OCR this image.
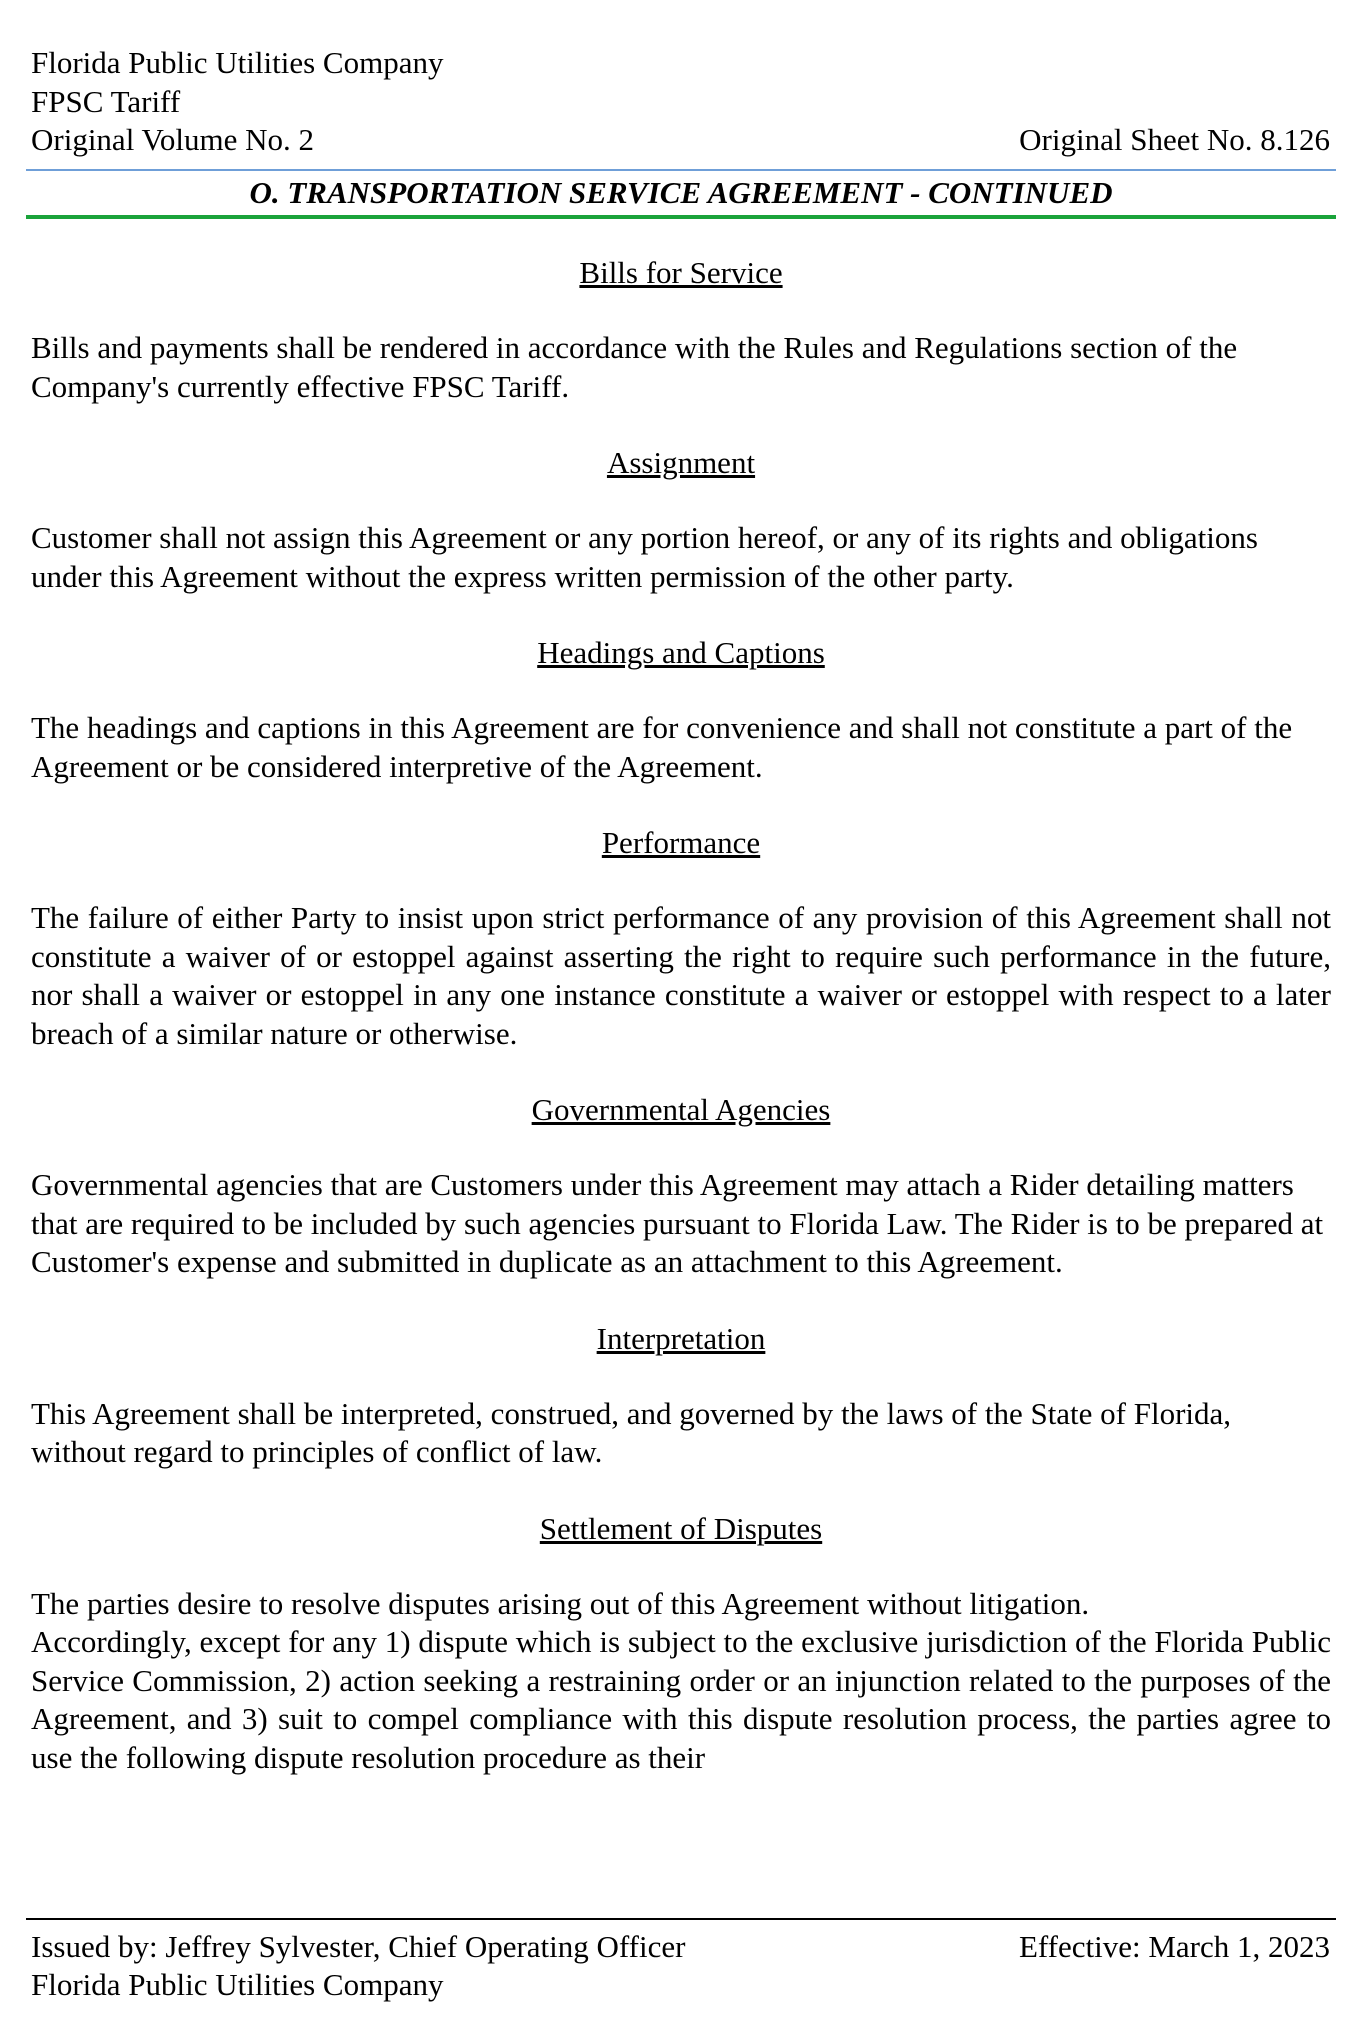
Florida Public Utilities Company
FPSC Tariff
Original Volume No. 2	Original Sheet No. 8.126
O. TRANSPORTATION SERVICE AGREEMENT - CONTINUED

Bills for Service

Bills and payments shall be rendered in accordance with the Rules and Regulations section of the Company's currently effective FPSC Tariff.

Assignment

Customer shall not assign this Agreement or any portion hereof, or any of its rights and obligations under this Agreement without the express written permission of the other party.

Headings and Captions

The headings and captions in this Agreement are for convenience and shall not constitute a part of the Agreement or be considered interpretive of the Agreement.

Performance

The failure of either Party to insist upon strict performance of any provision of this Agreement shall not constitute a waiver of or estoppel against asserting the right to require such performance in the future, nor shall a waiver or estoppel in any one instance constitute a waiver or estoppel with respect to a later breach of a similar nature or otherwise.

Governmental Agencies

Governmental agencies that are Customers under this Agreement may attach a Rider detailing matters that are required to be included by such agencies pursuant to Florida Law. The Rider is to be prepared at Customer's expense and submitted in duplicate as an attachment to this Agreement.

Interpretation

This Agreement shall be interpreted, construed, and governed by the laws of the State of Florida, without regard to principles of conflict of law.

Settlement of Disputes

The parties desire to resolve disputes arising out of this Agreement without litigation.
Accordingly, except for any 1) dispute which is subject to the exclusive jurisdiction of the Florida Public Service Commission, 2) action seeking a restraining order or an injunction related to the purposes of the Agreement, and 3) suit to compel compliance with this dispute resolution process, the parties agree to use the following dispute resolution procedure as their

Issued by: Jeffrey Sylvester, Chief Operating Officer	Effective: March 1, 2023
Florida Public Utilities Company
